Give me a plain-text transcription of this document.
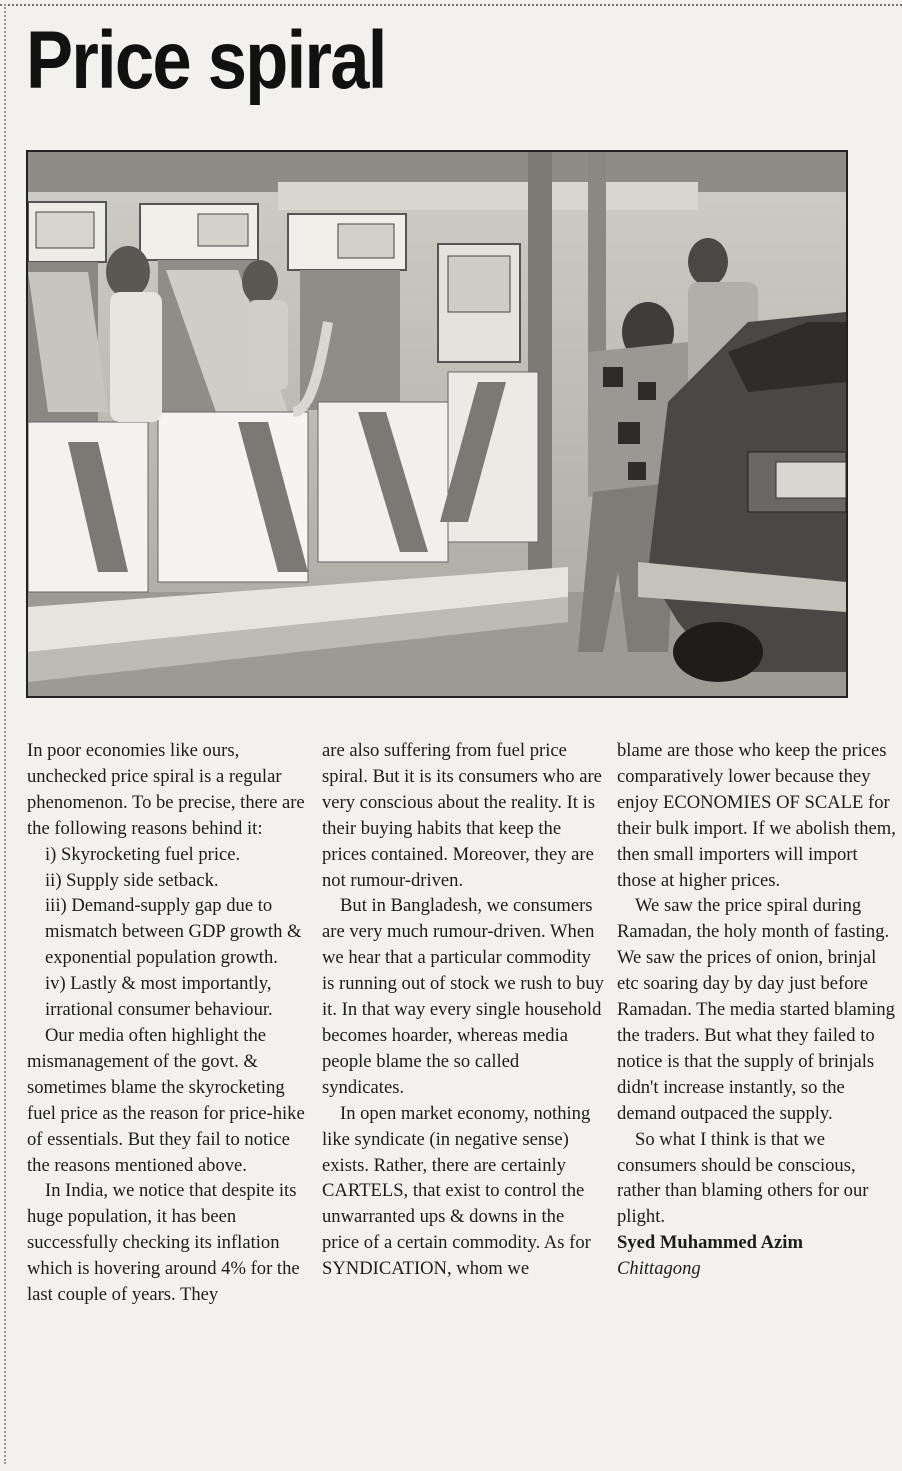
Price spiral

In poor economies like ours, unchecked price spiral is a regular phenomenon. To be precise, there are the following reasons behind it:

i) Skyrocketing fuel price.

ii) Supply side setback.

iii) Demand-supply gap due to mismatch between GDP growth & exponential population growth.

iv) Lastly & most importantly, irrational consumer behaviour.

Our media often highlight the mismanagement of the govt. & sometimes blame the skyrocketing fuel price as the reason for price-hike of essentials. But they fail to notice the reasons mentioned above.

In India, we notice that despite its huge population, it has been successfully checking its inflation which is hovering around 4% for the last couple of years. They

are also suffering from fuel price spiral. But it is its consumers who are very conscious about the reality. It is their buying habits that keep the prices contained. Moreover, they are not rumour-driven.

But in Bangladesh, we consumers are very much rumour-driven. When we hear that a particular commodity is running out of stock we rush to buy it. In that way every single household becomes hoarder, whereas media people blame the so called syndicates.

In open market economy, nothing like syndicate (in negative sense) exists. Rather, there are certainly CARTELS, that exist to control the unwarranted ups & downs in the price of a certain commodity. As for SYNDICATION, whom we

blame are those who keep the prices comparatively lower because they enjoy ECONOMIES OF SCALE for their bulk import. If we abolish them, then small importers will import those at higher prices.

We saw the price spiral during Ramadan, the holy month of fasting. We saw the prices of onion, brinjal etc soaring day by day just before Ramadan. The media started blaming the traders. But what they failed to notice is that the supply of brinjals didn't increase instantly, so the demand outpaced the supply.

So what I think is that we consumers should be conscious, rather than blaming others for our plight.

Syed Muhammed Azim
Chittagong
